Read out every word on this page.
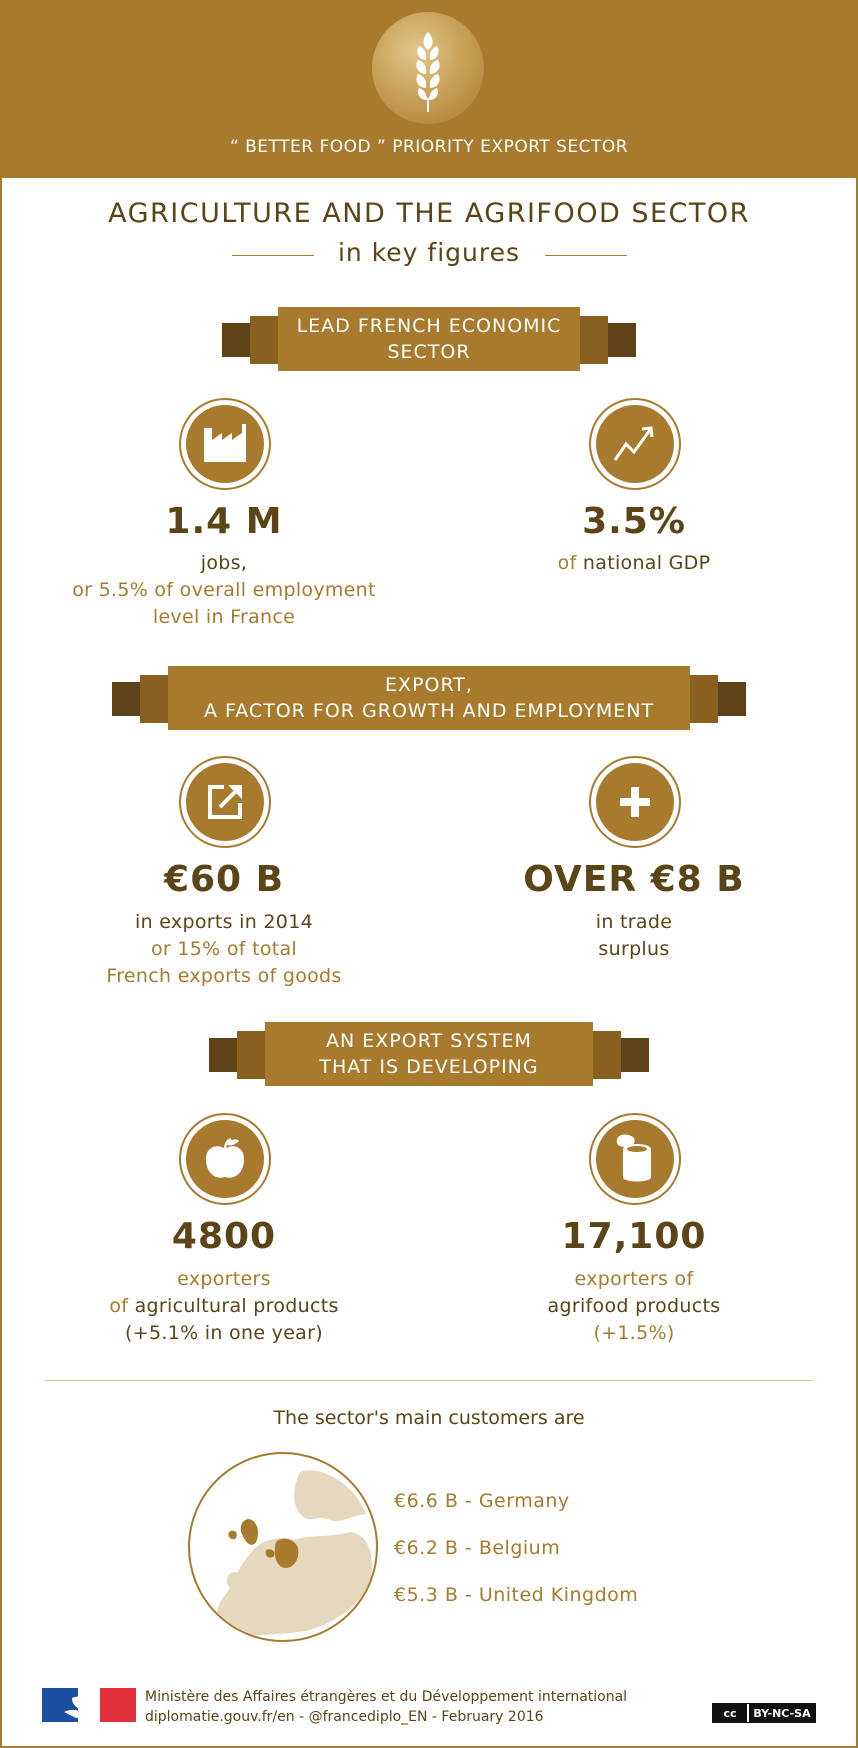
“ BETTER FOOD ” PRIORITY EXPORT SECTOR
AGRICULTURE AND THE AGRIFOOD SECTOR
in key figures
LEAD FRENCH ECONOMIC
SECTOR
1.4 M
jobs,
or 5.5% of overall employment
level in France
3.5%
of national GDP
EXPORT,
A FACTOR FOR GROWTH AND EMPLOYMENT
€60 B
in exports in 2014
or 15% of total
French exports of goods
OVER €8 B
in trade
surplus
AN EXPORT SYSTEM
THAT IS DEVELOPING
4800
exporters
of agricultural products
(+5.1% in one year)
17,100
exporters of
agrifood products
(+1.5%)
The sector's main customers are
€6.6 B - Germany
€6.2 B - Belgium
€5.3 B - United Kingdom
Ministère des Affaires étrangères et du Développement international
diplomatie.gouv.fr/en - @francediplo_EN - February 2016	cc	BY-NC-SA
